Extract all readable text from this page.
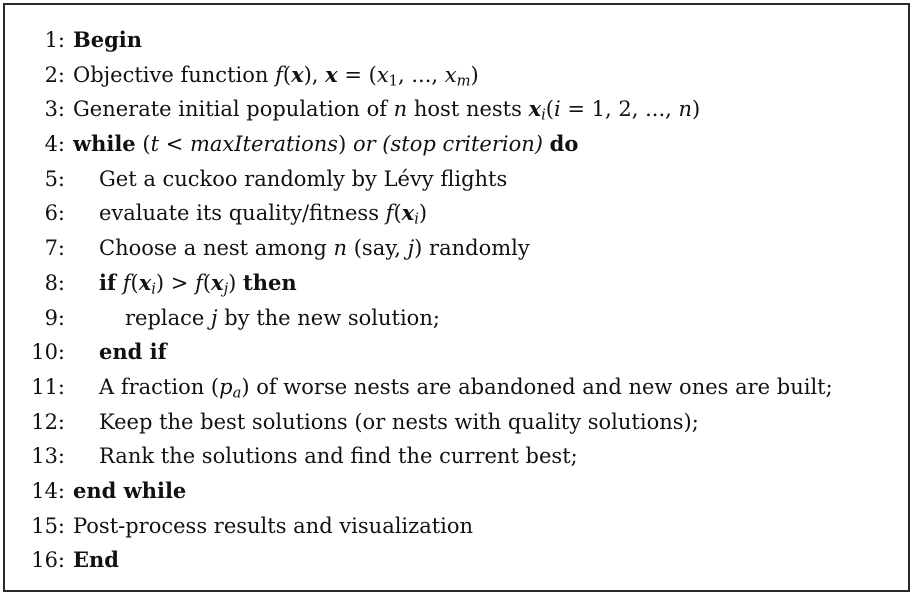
1: Begin
2: Objective function f(x), $x = (x_1$, ..., $x_m$)
3: Generate initial population of n host nests $x_i(i = 1$, 2, ..., n)
4: while (t < maxIterations) or (stop criterion) do
5: Get a cuckoo randomly by Lévy flights
6: evaluate its quality/fitness $f(x_i)$
7: Choose a nest among n (say, j) randomly
8: if $f(x_i) > f(x_j)$ then
9:	replace j by the new solution;
10: end if
11: A fraction $(p_a)$ of worse nests are abandoned and new ones are built;
12: Keep the best solutions (or nests with quality solutions);
13: Rank the solutions and find the current best;
14: end while
15: Post-process results and visualization
16: End
